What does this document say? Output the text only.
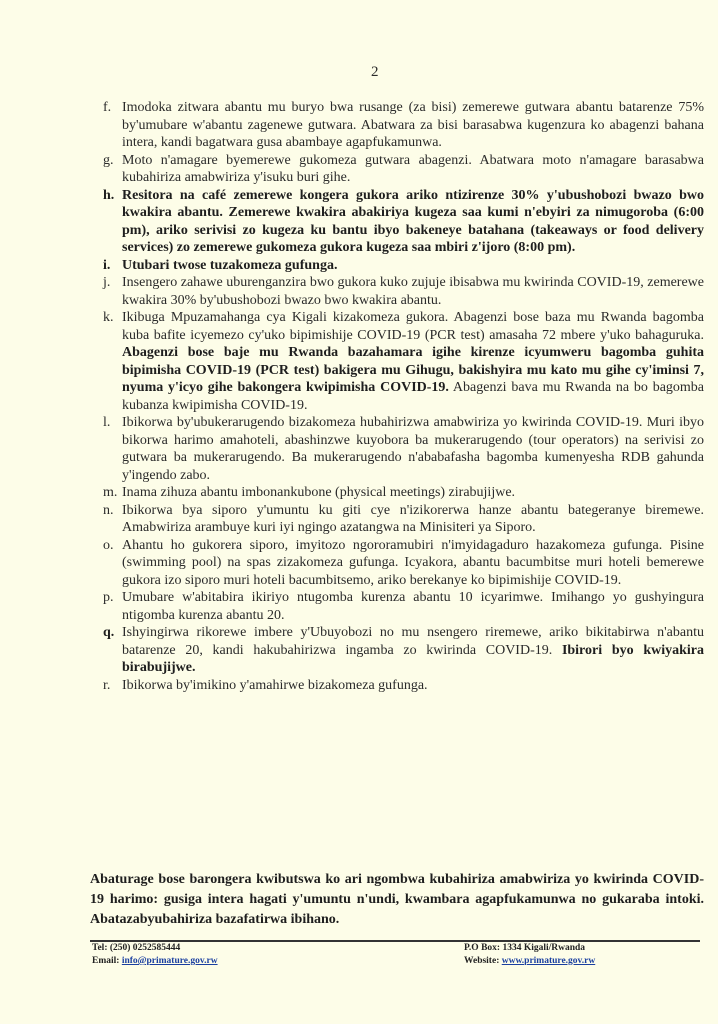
2
f. Imodoka zitwara abantu mu buryo bwa rusange (za bisi) zemerewe gutwara abantu batarenze 75% by'umubare w'abantu zagenewe gutwara. Abatwara za bisi barasabwa kugenzura ko abagenzi bahana intera, kandi bagatwara gusa abambaye agapfukamunwa.
g. Moto n'amagare byemerewe gukomeza gutwara abagenzi. Abatwara moto n'amagare barasabwa kubahiriza amabwiriza y'isuku buri gihe.
h. Resitora na café zemerewe kongera gukora ariko ntizirenze 30% y'ubushobozi bwazo bwo kwakira abantu. Zemerewe kwakira abakiriya kugeza saa kumi n'ebyiri za nimugoroba (6:00 pm), ariko serivisi zo kugeza ku bantu ibyo bakeneye batahana (takeaways or food delivery services) zo zemerewe gukomeza gukora kugeza saa mbiri z'ijoro (8:00 pm).
i. Utubari twose tuzakomeza gufunga.
j. Insengero zahawe uburenganzira bwo gukora kuko zujuje ibisabwa mu kwirinda COVID-19, zemerewe kwakira 30% by'ubushobozi bwazo bwo kwakira abantu.
k. Ikibuga Mpuzamahanga cya Kigali kizakomeza gukora. Abagenzi bose baza mu Rwanda bagomba kuba bafite icyemezo cy'uko bipimishije COVID-19 (PCR test) amasaha 72 mbere y'uko bahaguruka. Abagenzi bose baje mu Rwanda bazahamara igihe kirenze icyumweru bagomba guhita bipimisha COVID-19 (PCR test) bakigera mu Gihugu, bakishyira mu kato mu gihe cy'iminsi 7, nyuma y'icyo gihe bakongera kwipimisha COVID-19. Abagenzi bava mu Rwanda na bo bagomba kubanza kwipimisha COVID-19.
l. Ibikorwa by'ubukerarugendo bizakomeza hubahirizwa amabwiriza yo kwirinda COVID-19. Muri ibyo bikorwa harimo amahoteli, abashinzwe kuyobora ba mukerarugendo (tour operators) na serivisi zo gutwara ba mukerarugendo. Ba mukerarugendo n'ababafasha bagomba kumenyesha RDB gahunda y'ingendo zabo.
m. Inama zihuza abantu imbonankubone (physical meetings) zirabujijwe.
n. Ibikorwa bya siporo y'umuntu ku giti cye n'izikorerwa hanze abantu bategeranye biremewe. Amabwiriza arambuye kuri iyi ngingo azatangwa na Minisiteri ya Siporo.
o. Ahantu ho gukorera siporo, imyitozo ngororamubiri n'imyidagaduro hazakomeza gufunga. Pisine (swimming pool) na spas zizakomeza gufunga. Icyakora, abantu bacumbitse muri hoteli bemerewe gukora izo siporo muri hoteli bacumbitsemo, ariko berekanye ko bipimishije COVID-19.
p. Umubare w'abitabira ikiriyo ntugomba kurenza abantu 10 icyarimwe. Imihango yo gushyingura ntigomba kurenza abantu 20.
q. Ishyingirwa rikorewe imbere y'Ubuyobozi no mu nsengero riremewe, ariko bikitabirwa n'abantu batarenze 20, kandi hakubahirizwa ingamba zo kwirinda COVID-19. Ibirori byo kwiyakira birabujijwe.
r. Ibikorwa by'imikino y'amahirwe bizakomeza gufunga.
Abaturage bose barongera kwibutswa ko ari ngombwa kubahiriza amabwiriza yo kwirinda COVID-19 harimo: gusiga intera hagati y'umuntu n'undi, kwambara agapfukamunwa no gukaraba intoki. Abatazabyubahiriza bazafatirwa ibihano.
Tel: (250) 0252585444
Email: info@primature.gov.rw
P.O Box: 1334 Kigali/Rwanda
Website: www.primature.gov.rw
